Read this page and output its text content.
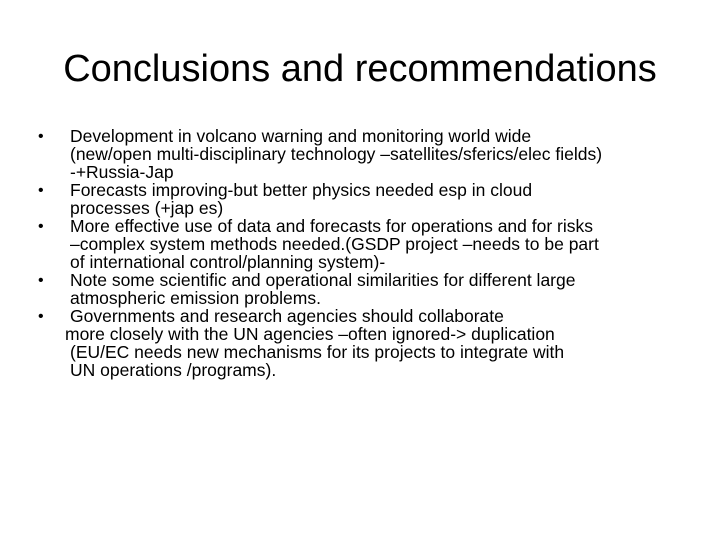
Conclusions and recommendations
•	Development in volcano warning and monitoring world wide
(new/open multi-disciplinary technology –satellites/sferics/elec fields)
-+Russia-Jap
•	Forecasts improving-but better physics needed esp in cloud
processes (+jap es)
•	More effective use of data and forecasts for operations and for risks
–complex system methods needed.(GSDP project –needs to be part
of international control/planning system)-
•	Note some scientific and operational similarities for different large
atmospheric emission problems.
•	Governments and research agencies should collaborate
more closely with the UN agencies –often ignored-> duplication
(EU/EC needs new mechanisms for its projects to integrate with
UN operations /programs).
